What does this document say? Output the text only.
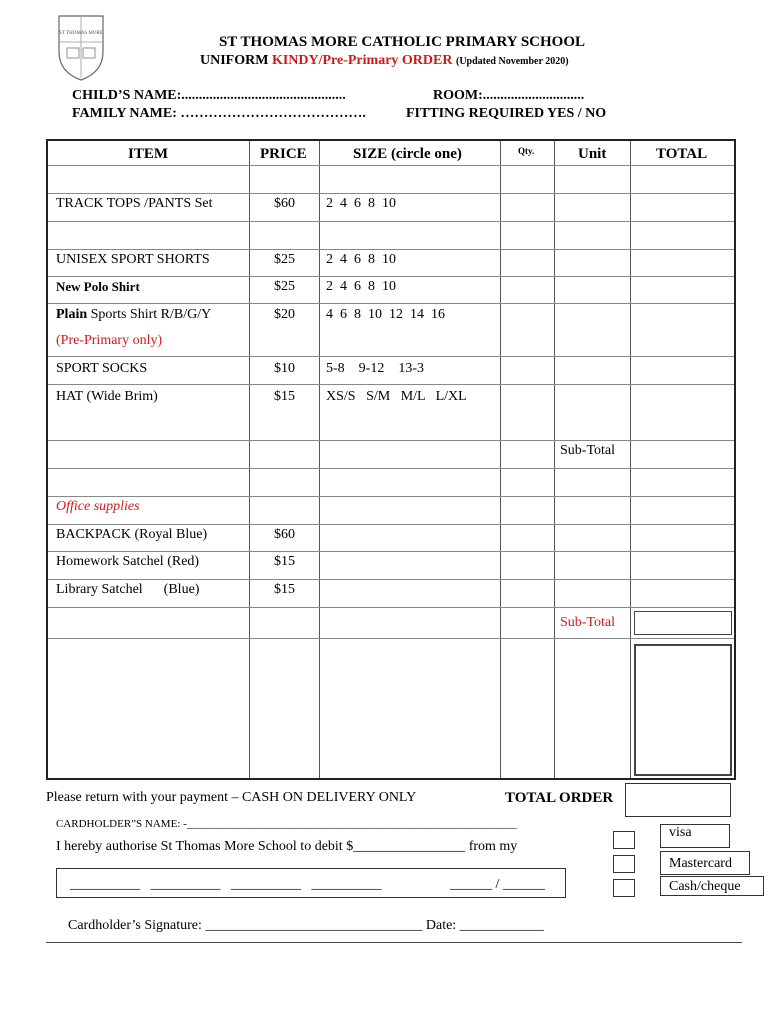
ST THOMAS MORE
ST THOMAS MORE CATHOLIC PRIMARY SCHOOL
UNIFORM KINDY/Pre-Primary ORDER (Updated November 2020)
CHILD’S NAME:...............................................	ROOM:.............................
FAMILY NAME: ………………………………….	FITTING REQUIRED YES / NO
ITEM	PRICE	SIZE (circle one)	Qty.	Unit	TOTAL
TRACK TOPS /PANTS Set	$60 2  4  6  8  10
UNISEX SPORT SHORTS	$25 2  4  6  8  10
New Polo Shirt	$25 2  4  6  8  10
Plain Sports Shirt R/B/G/Y	$20 4  6  8  10  12  14  16
(Pre-Primary only)
SPORT SOCKS	$10 5-8    9-12    13-3
HAT (Wide Brim)	$15 XS/S   S/M   M/L   L/XL
Sub-Total
Office supplies
BACKPACK (Royal Blue)	$60
Homework Satchel (Red)	$15
Library Satchel      (Blue)	$15
Sub-Total
Please return with your payment – CASH ON DELIVERY ONLY	TOTAL ORDER
CARDHOLDER”S NAME: -____________________________________________________________
I hereby authorise St Thomas More School to debit $________________ from my
__________   __________   __________   __________	______ / ______
visa
Mastercard
Cash/cheque
Cardholder’s Signature: _______________________________ Date: ____________
